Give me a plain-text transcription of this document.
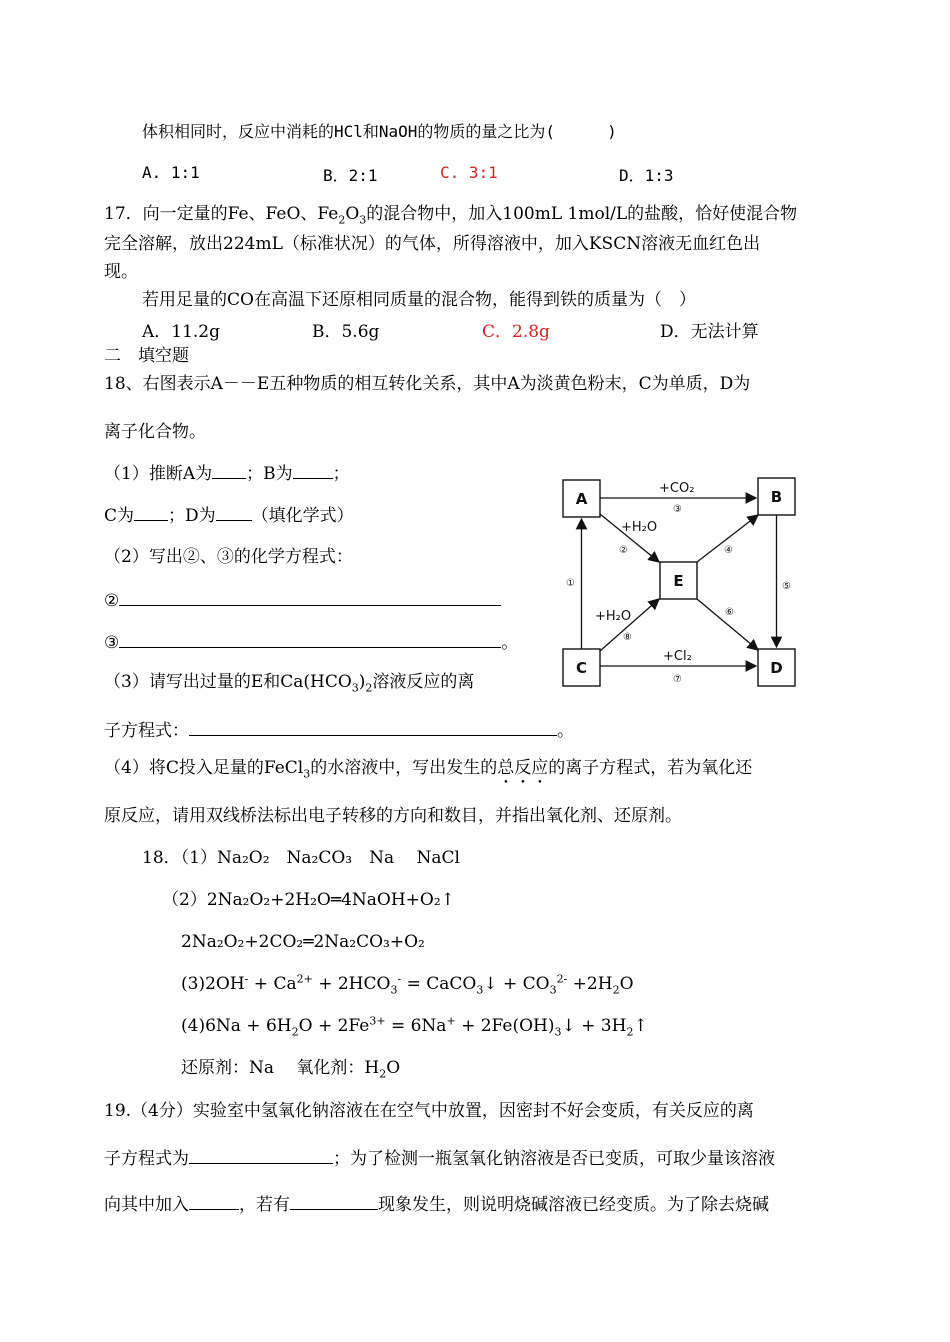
体积相同时，反应中消耗的HCl和NaOH的物质的量之比为(	)
A. 1:1	B．2:1	C. 3:1	D．1:3
17．向一定量的Fe、FeO、$Fe_2O_3$的混合物中，加入100mL 1mol/L的盐酸，恰好使混合物
完全溶解，放出224mL（标准状况）的气体，所得溶液中，加入KSCN溶液无血红色出
现。
若用足量的CO在高温下还原相同质量的混合物，能得到铁的质量为（　）
A．11.2g	B．5.6g	C．2.8g	D．无法计算
二　填空题
18、右图表示A－－E五种物质的相互转化关系，其中A为淡黄色粉末，C为单质，D为
离子化合物。
（1）推断A为 ；B为 ；
C为 ；D为 （填化学式）
（2）写出②、③的化学方程式：
②
③	。
（3）请写出过量的E和$Ca(HCO_3)_2$溶液反应的离
子方程式：	。
（4）将C投入足量的FeCl$_3$的水溶液中，写出发生的总反应的离子方程式，若为氧化还
原反应，请用双线桥法标出电子转移的方向和数目，并指出氧化剂、还原剂。
A	B
C	D
E
+CO₂
③
+H₂O
②
①
④
⑤
+H₂O
⑧
⑥
+Cl₂
⑦
18．（1）Na₂O₂　Na₂CO₃　Na　 NaCl
（2）2Na₂O₂+2H₂O═4NaOH+O₂↑
2Na₂O₂+2CO₂═2Na₂CO₃+O₂
$(3)2OH^- + Ca^{2+} + 2HCO_3^-$ = CaCO$_3$↓ + $CO_3^{2-} +2H_2O$
$(4)6Na + 6H_2O + 2Fe^{3+} = 6Na^+$ + $2Fe(OH)_3↓$ + $3H_2↑$
还原剂：Na　 氧化剂：$H_2O$
19.（4分）实验室中氢氧化钠溶液在在空气中放置，因密封不好会变质，有关反应的离
子方程式为	；为了检测一瓶氢氧化钠溶液是否已变质，可取少量该溶液
向其中加入	，若有	现象发生，则说明烧碱溶液已经变质。为了除去烧碱
